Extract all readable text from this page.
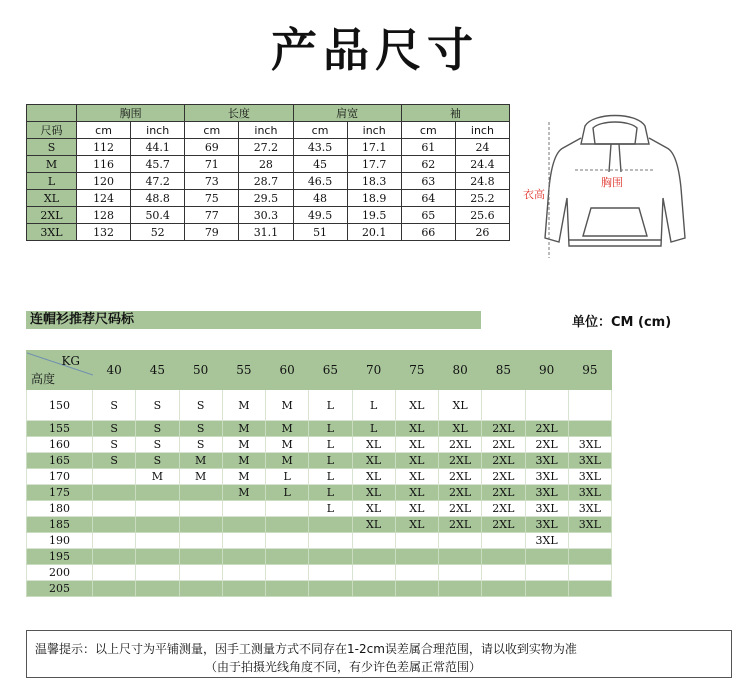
产品尺寸
	胸围		长度		肩宽		袖	
尺码	cm	inch	cm	inch	cm	inch	cm	inch
S	112	44.1	69	27.2	43.5	17.1	61	24
M	116	45.7	71	28	45	17.7	62	24.4
L	120	47.2	73	28.7	46.5	18.3	63	24.8
XL	124	48.8	75	29.5	48	18.9	64	25.2
2XL	128	50.4	77	30.3	49.5	19.5	65	25.6
3XL	132	52	79	31.1	51	20.1	66	26
衣高
胸围
连帽衫推荐尺码标	单位：CM (cm)
KG
高度	40	45	50	55	60	65	70	75	80	85	90	95
150	S	S	S	M	M	L	L	XL	XL			
155	S	S	S	M	M	L	L	XL	XL	2XL	2XL	
160	S	S	S	M	M	L	XL	XL	2XL	2XL	2XL	3XL
165	S	S	M	M	M	L	XL	XL	2XL	2XL	3XL	3XL
170		M	M	M	L	L	XL	XL	2XL	2XL	3XL	3XL
175				M	L	L	XL	XL	2XL	2XL	3XL	3XL
180						L	XL	XL	2XL	2XL	3XL	3XL
185							XL	XL	2XL	2XL	3XL	3XL
190											3XL	
195												
200												
205												
温馨提示：以上尺寸为平铺测量，因手工测量方式不同存在1-2cm误差属合理范围，请以收到实物为准
（由于拍摄光线角度不同，有少许色差属正常范围）
